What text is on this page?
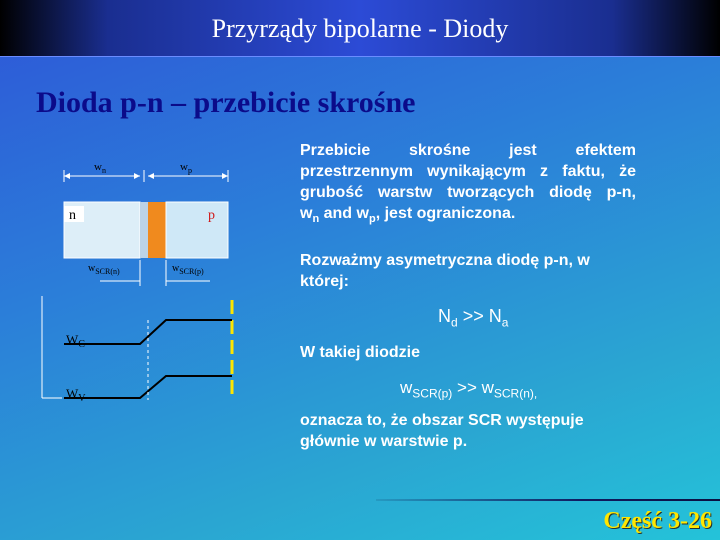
Przyrządy bipolarne - Diody
Dioda p-n – przebicie skrośne
$w_n$	$w_p$
n	p
$w_{SCR(n)}$	$w_{SCR(p)}$
$W_C$
$W_V$
Przebicie skrośne jest efektem przestrzennym wynikającym z faktu, że grubość warstw tworzących diodę p-n,
$w_n$ and $w_p$, jest ograniczona.
Rozważmy asymetryczna diodę p-n, w której:
$N_d >> N_a$
W takiej diodzie
$w_{SCR(p)} >> w_{SCR(n),}$
oznacza to, że obszar SCR występuje głównie w warstwie p.
Część 3-26
